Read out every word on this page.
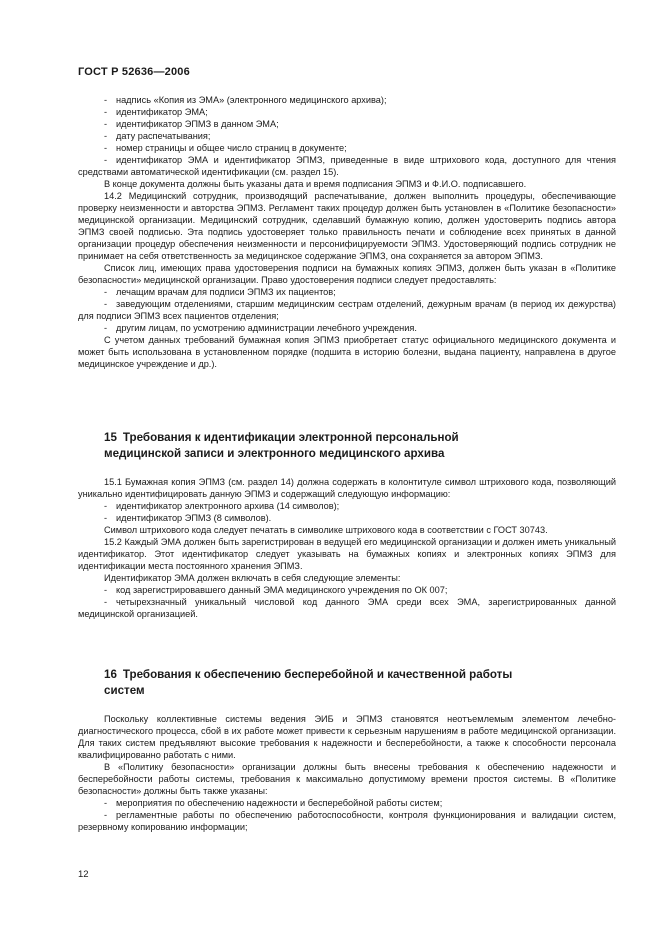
ГОСТ Р 52636—2006

- надпись «Копия из ЭМА» (электронного медицинского архива);

- идентификатор ЭМА;

- идентификатор ЭПМЗ в данном ЭМА;

- дату распечатывания;

- номер страницы и общее число страниц в документе;

- идентификатор ЭМА и идентификатор ЭПМЗ, приведенные в виде штрихового кода, доступного для чтения средствами автоматической идентификации (см. раздел 15).

В конце документа должны быть указаны дата и время подписания ЭПМЗ и Ф.И.О. подписавшего.

14.2 Медицинский сотрудник, производящий распечатывание, должен выполнить процедуры, обеспечивающие проверку неизменности и авторства ЭПМЗ. Регламент таких процедур должен быть установлен в «Политике безопасности» медицинской организации. Медицинский сотрудник, сделавший бумажную копию, должен удостоверить подпись автора ЭПМЗ своей подписью. Эта подпись удостоверяет только правильность печати и соблюдение всех принятых в данной организации процедур обеспечения неизменности и персонифицируемости ЭПМЗ. Удостоверяющий подпись сотрудник не принимает на себя ответственность за медицинское содержание ЭПМЗ, она сохраняется за автором ЭПМЗ.

Список лиц, имеющих права удостоверения подписи на бумажных копиях ЭПМЗ, должен быть указан в «Политике безопасности» медицинской организации. Право удостоверения подписи следует предоставлять:

- лечащим врачам для подписи ЭПМЗ их пациентов;

- заведующим отделениями, старшим медицинским сестрам отделений, дежурным врачам (в период их дежурства) для подписи ЭПМЗ всех пациентов отделения;

- другим лицам, по усмотрению администрации лечебного учреждения.

С учетом данных требований бумажная копия ЭПМЗ приобретает статус официального медицинского документа и может быть использована в установленном порядке (подшита в историю болезни, выдана пациенту, направлена в другое медицинское учреждение и др.).

15 Требования к идентификации электронной персональной
медицинской записи и электронного медицинского архива

15.1 Бумажная копия ЭПМЗ (см. раздел 14) должна содержать в колонтитуле символ штрихового кода, позволяющий уникально идентифицировать данную ЭПМЗ и содержащий следующую информацию:

- идентификатор электронного архива (14 символов);

- идентификатор ЭПМЗ (8 символов).

Символ штрихового кода следует печатать в символике штрихового кода в соответствии с ГОСТ 30743.

15.2 Каждый ЭМА должен быть зарегистрирован в ведущей его медицинской организации и должен иметь уникальный идентификатор. Этот идентификатор следует указывать на бумажных копиях и электронных копиях ЭПМЗ для идентификации места постоянного хранения ЭПМЗ.

Идентификатор ЭМА должен включать в себя следующие элементы:

- код зарегистрировавшего данный ЭМА медицинского учреждения по ОК 007;

- четырехзначный уникальный числовой код данного ЭМА среди всех ЭМА, зарегистрированных данной медицинской организацией.

16 Требования к обеспечению бесперебойной и качественной работы
систем

Поскольку коллективные системы ведения ЭИБ и ЭПМЗ становятся неотъемлемым элементом лечебно-диагностического процесса, сбой в их работе может привести к серьезным нарушениям в работе медицинской организации. Для таких систем предъявляют высокие требования к надежности и бесперебойности, а также к способности персонала квалифицированно работать с ними.

В «Политику безопасности» организации должны быть внесены требования к обеспечению надежности и бесперебойности работы системы, требования к максимально допустимому времени простоя системы. В «Политике безопасности» должны быть также указаны:

- мероприятия по обеспечению надежности и бесперебойной работы систем;

- регламентные работы по обеспечению работоспособности, контроля функционирования и валидации систем, резервному копированию информации;

12
